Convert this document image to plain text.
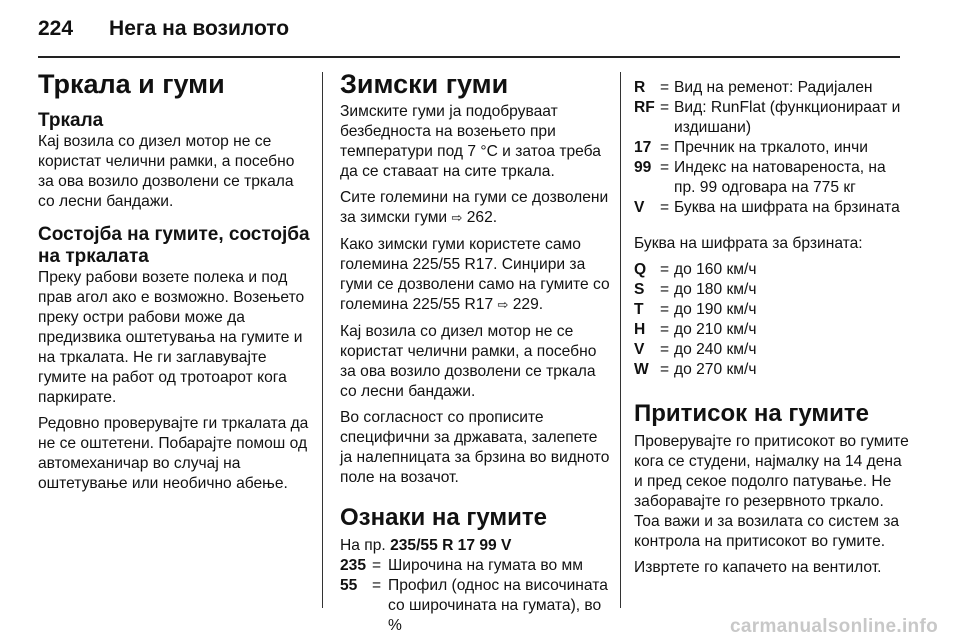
224 Нега на возилото
Тркала и гуми
Тркала
Кај возила со дизел мотор не се користат челични рамки, а посебно за ова возило дозволени се тркала со лесни бандажи.
Состојба на гумите, состојба на тркалата
Преку рабови возете полека и под прав агол ако е возможно. Возењето преку остри рабови може да предизвика оштетувања на гумите и на тркалата. Не ги заглавувајте гумите на работ од тротоарот кога паркирате.
Редовно проверувајте ги тркалата да не се оштетени. Побарајте помош од автомеханичар во случај на оштетување или необично абење.
Зимски гуми
Зимските гуми ја подобруваат безбедноста на возењето при температури под 7 °C и затоа треба да се ставаат на сите тркала.
Сите големини на гуми се дозволени за зимски гуми ⇨ 262.
Како зимски гуми користете само големина 225/55 R17. Синџири за гуми се дозволени само на гумите со големина 225/55 R17 ⇨ 229.
Кај возила со дизел мотор не се користат челични рамки, а посебно за ова возило дозволени се тркала со лесни бандажи.
Во согласност со прописите специфични за државата, залепете ја налепницата за брзина во видното поле на возачот.
Ознаки на гумите
На пр. 235/55 R 17 99 V
235	=	Широчина на гумата во мм
55	=	Профил (однос на височината со широчината на гумата), во %
R	=	Вид на ременот: Радијален
RF	=	Вид: RunFlat (функционираат и издишани)
17	=	Пречник на тркалото, инчи
99	=	Индекс на натовареноста, на пр. 99 одговара на 775 кг
V	=	Буква на шифрата на брзината
Буква на шифрата за брзината:
Q	=	до 160 км/ч
S	=	до 180 км/ч
T	=	до 190 км/ч
H	=	до 210 км/ч
V	=	до 240 км/ч
W	=	до 270 км/ч
Притисок на гумите
Проверувајте го притисокот во гумите кога се студени, најмалку на 14 дена и пред секое подолго патување. Не заборавајте го резервното тркало. Тоа важи и за возилата со систем за контрола на притисокот во гумите.
Извртете го капачето на вентилот.
carmanualsonline.info
